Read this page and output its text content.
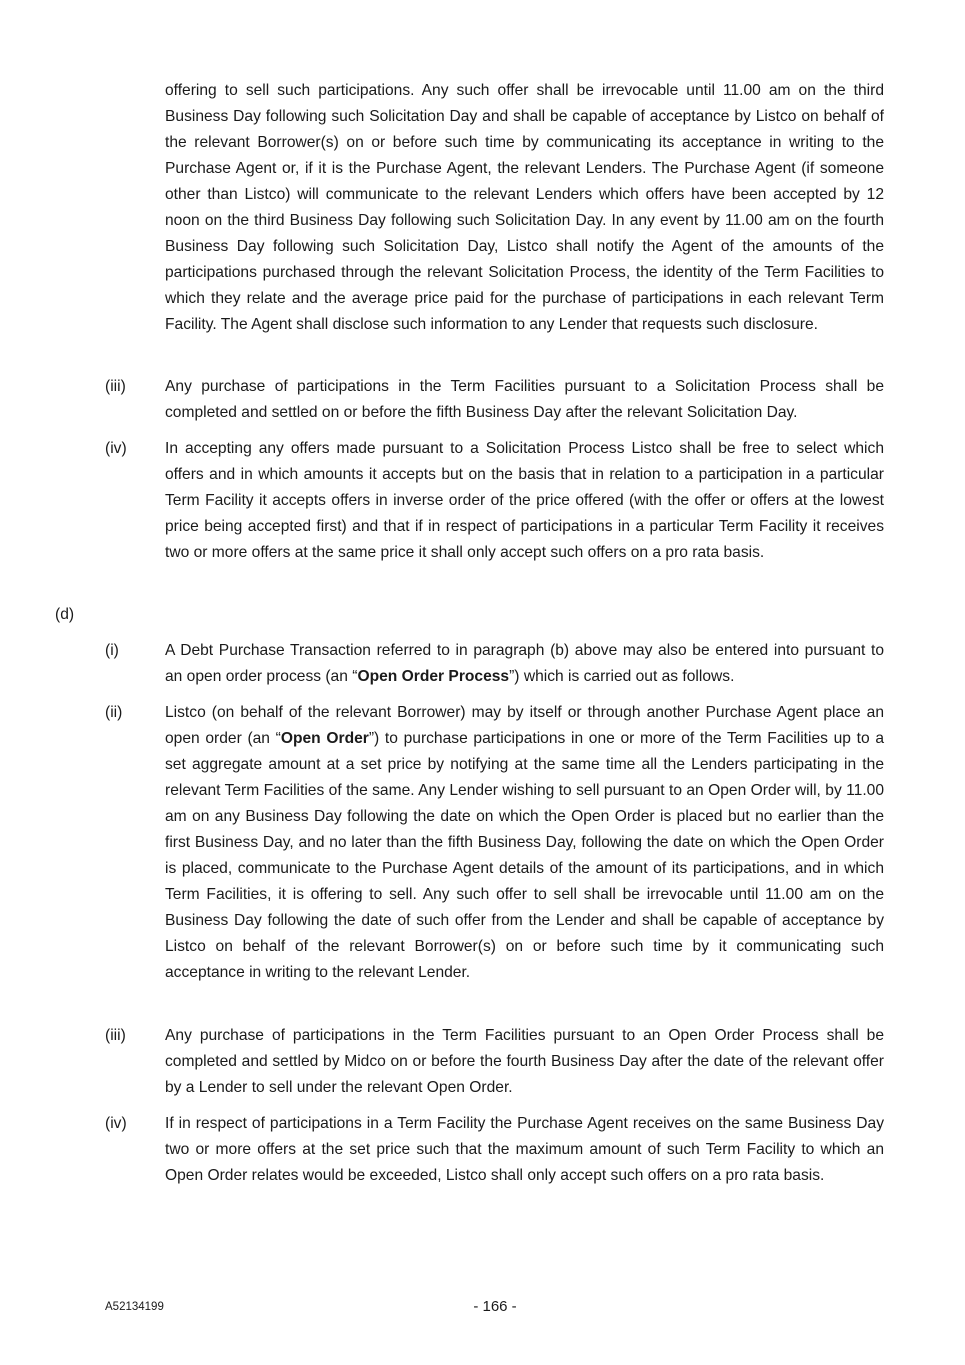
offering to sell such participations. Any such offer shall be irrevocable until 11.00 am on the third Business Day following such Solicitation Day and shall be capable of acceptance by Listco on behalf of the relevant Borrower(s) on or before such time by communicating its acceptance in writing to the Purchase Agent or, if it is the Purchase Agent, the relevant Lenders. The Purchase Agent (if someone other than Listco) will communicate to the relevant Lenders which offers have been accepted by 12 noon on the third Business Day following such Solicitation Day. In any event by 11.00 am on the fourth Business Day following such Solicitation Day, Listco shall notify the Agent of the amounts of the participations purchased through the relevant Solicitation Process, the identity of the Term Facilities to which they relate and the average price paid for the purchase of participations in each relevant Term Facility. The Agent shall disclose such information to any Lender that requests such disclosure.

(iii)	Any purchase of participations in the Term Facilities pursuant to a Solicitation Process shall be completed and settled on or before the fifth Business Day after the relevant Solicitation Day.

(iv) In accepting any offers made pursuant to a Solicitation Process Listco shall be free to select which offers and in which amounts it accepts but on the basis that in relation to a participation in a particular Term Facility it accepts offers in inverse order of the price offered (with the offer or offers at the lowest price being accepted first) and that if in respect of participations in a particular Term Facility it receives two or more offers at the same price it shall only accept such offers on a pro rata basis.

(d)

(i)	A Debt Purchase Transaction referred to in paragraph (b) above may also be entered into pursuant to an open order process (an “Open Order Process”) which is carried out as follows.

(ii)	Listco (on behalf of the relevant Borrower) may by itself or through another Purchase Agent place an open order (an “Open Order”) to purchase participations in one or more of the Term Facilities up to a set aggregate amount at a set price by notifying at the same time all the Lenders participating in the relevant Term Facilities of the same. Any Lender wishing to sell pursuant to an Open Order will, by 11.00 am on any Business Day following the date on which the Open Order is placed but no earlier than the first Business Day, and no later than the fifth Business Day, following the date on which the Open Order is placed, communicate to the Purchase Agent details of the amount of its participations, and in which Term Facilities, it is offering to sell. Any such offer to sell shall be irrevocable until 11.00 am on the Business Day following the date of such offer from the Lender and shall be capable of acceptance by Listco on behalf of the relevant Borrower(s) on or before such time by it communicating such acceptance in writing to the relevant Lender.

(iii)	Any purchase of participations in the Term Facilities pursuant to an Open Order Process shall be completed and settled by Midco on or before the fourth Business Day after the date of the relevant offer by a Lender to sell under the relevant Open Order.

(iv) If in respect of participations in a Term Facility the Purchase Agent receives on the same Business Day two or more offers at the set price such that the maximum amount of such Term Facility to which an Open Order relates would be exceeded, Listco shall only accept such offers on a pro rata basis.

A52134199	- 166 -
